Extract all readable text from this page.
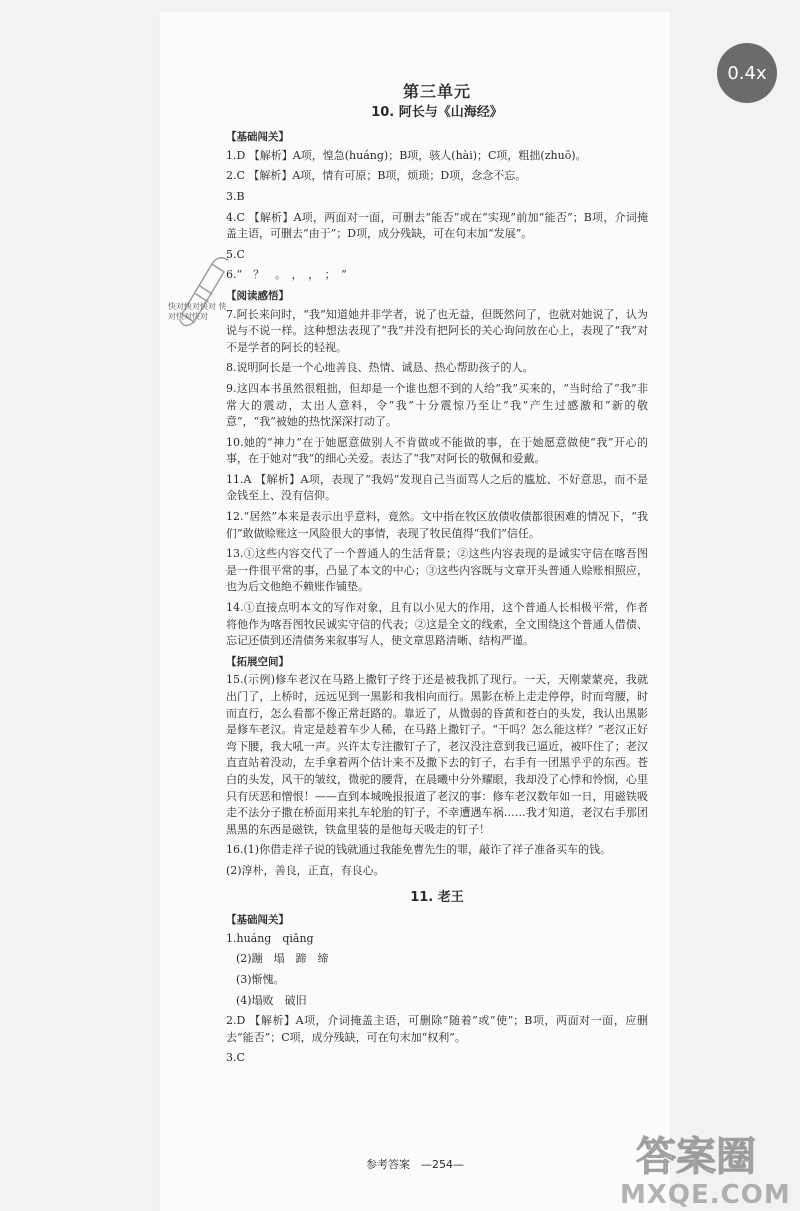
第三单元
10. 阿长与《山海经》
【基础闯关】
1.D 【解析】A项，惶急(huáng)；B项，骇人(hài)；C项，粗拙(zhuō)。
2.C 【解析】A项，情有可原；B项，烦琐；D项，念念不忘。
3.B
4.C 【解析】A项，两面对一面，可删去“能否”或在“实现”前加“能否”；B项，介词掩盖主语，可删去“由于”；D项，成分残缺，可在句末加“发展”。
5.C
6.“　？　。　，　，　；　”
【阅读感悟】
7.阿长来问时，“我”知道她并非学者，说了也无益，但既然问了，也就对她说了，认为说与不说一样。这种想法表现了“我”并没有把阿长的关心询问放在心上，表现了“我”对不是学者的阿长的轻视。
8.说明阿长是一个心地善良、热情、诚恳、热心帮助孩子的人。
9.这四本书虽然很粗拙，但却是一个谁也想不到的人给“我”买来的，“当时给了“我”非常大的震动，太出人意料，令“我”十分震惊乃至让“我”产生过感激和“新的敬意”，“我”被她的热忱深深打动了。
10.她的“神力”在于她愿意做别人不肯做或不能做的事，在于她愿意做使“我”开心的事，在于她对“我”的细心关爱。表达了“我”对阿长的敬佩和爱戴。
11.A 【解析】A项，表现了“我妈”发现自己当面骂人之后的尴尬、不好意思，而不是金钱至上、没有信仰。
12.“居然”本来是表示出乎意料，竟然。文中指在牧区放债收债都很困难的情况下，“我们”敢做赊账这一风险很大的事情，表现了牧民值得“我们”信任。
13.①这些内容交代了一个普通人的生活背景；②这些内容表现的是诚实守信在喀吾图是一件很平常的事，凸显了本文的中心；③这些内容既与文章开头普通人赊账相照应，也为后文他绝不赖账作铺垫。
14.①直接点明本文的写作对象，且有以小见大的作用，这个普通人长相极平常，作者将他作为喀吾图牧民诚实守信的代表；②这是全文的线索，全文围绕这个普通人借债、忘记还债到还清债务来叙事写人，使文章思路清晰、结构严谨。
【拓展空间】
15.(示例)修车老汉在马路上撒钉子终于还是被我抓了现行。一天，天刚蒙蒙亮，我就出门了，上桥时，远远见到一黑影和我相向而行。黑影在桥上走走停停，时而弯腰，时而直行，怎么看都不像正常赶路的。靠近了，从微弱的昏黄和苍白的头发，我认出黑影是修车老汉。肯定是趁着车少人稀，在马路上撒钉子。“干吗？怎么能这样？”老汉正好弯下腰，我大吼一声。兴许太专注撒钉子了，老汉没注意到我已逼近，被吓住了；老汉直直站着没动，左手拿着两个估计来不及撒下去的钉子，右手有一团黑乎乎的东西。苍白的头发，风干的皱纹，微驼的腰背，在晨曦中分外耀眼，我却没了心悸和怜悯，心里只有厌恶和憎恨！——直到本城晚报报道了老汉的事：修车老汉数年如一日，用磁铁吸走不法分子撒在桥面用来扎车轮胎的钉子，不幸遭遇车祸……我才知道，老汉右手那团黑黑的东西是磁铁，铁盒里装的是他每天吸走的钉子！
16.(1)你借走祥子说的钱就通过我能免曹先生的罪，敲诈了祥子准备买车的钱。
(2)淳朴，善良，正直，有良心。
11. 老王
【基础闯关】
1.huáng　qiǎng
(2)蹦　塌　蹄　缔
(3)惭愧。
(4)塌败　破旧
2.D 【解析】A项，介词掩盖主语，可删除“随着”或“使”；B项，两面对一面，应删去“能否”；C项，成分残缺，可在句末加“权利”。
3.C
参考答案　—254—
快对快对快对 快对快对快对
@快对
0.4x
答案圈
MXQE.COM
